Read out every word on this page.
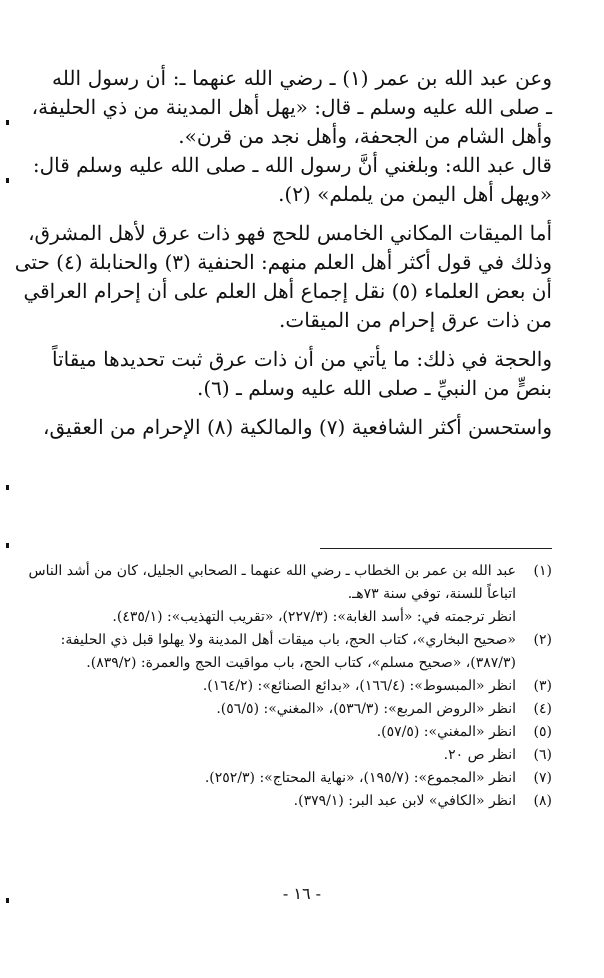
وعن عبد الله بن عمر (١) ـ رضي الله عنهما ـ: أن رسول الله
ـ صلى الله عليه وسلم ـ قال: «يهل أهل المدينة من ذي الحليفة،
وأهل الشام من الجحفة، وأهل نجد من قرن».
قال عبد الله: وبلغني أنَّ رسول الله ـ صلى الله عليه وسلم قال:
«ويهل أهل اليمن من يلملم» (٢).
أما الميقات المكاني الخامس للحج فهو ذات عرق لأهل المشرق،
وذلك في قول أكثر أهل العلم منهم: الحنفية (٣) والحنابلة (٤) حتى
أن بعض العلماء (٥) نقل إجماع أهل العلم على أن إحرام العراقي
من ذات عرق إحرام من الميقات.
والحجة في ذلك: ما يأتي من أن ذات عرق ثبت تحديدها ميقاتاً
بنصٍّ من النبيِّ ـ صلى الله عليه وسلم ـ (٦).
واستحسن أكثر الشافعية (٧) والمالكية (٨) الإحرام من العقيق،
(١)
عبد الله بن عمر بن الخطاب ـ رضي الله عنهما ـ الصحابي الجليل، كان من أشد الناس
اتباعاً للسنة، توفي سنة ٧٣هـ.
انظر ترجمته في: «أسد الغابة»: (٢٢٧/٣)، «تقريب التهذيب»: (٤٣٥/١).
(٢)
«صحيح البخاري»، كتاب الحج، باب ميقات أهل المدينة ولا يهلوا قبل ذي الحليفة:
(٣٨٧/٣)، «صحيح مسلم»، كتاب الحج، باب مواقيت الحج والعمرة: (٨٣٩/٢).
(٣)
انظر «المبسوط»: (١٦٦/٤)، «بدائع الصنائع»: (١٦٤/٢).
(٤)
انظر «الروض المربع»: (٥٣٦/٣)، «المغني»: (٥٦/٥).
(٥)
انظر «المغني»: (٥٧/٥).
(٦)
انظر ص ٢٠.
(٧)
انظر «المجموع»: (١٩٥/٧)، «نهاية المحتاج»: (٢٥٢/٣).
(٨)
انظر «الكافي» لابن عبد البر: (٣٧٩/١).
- ١٦ -
